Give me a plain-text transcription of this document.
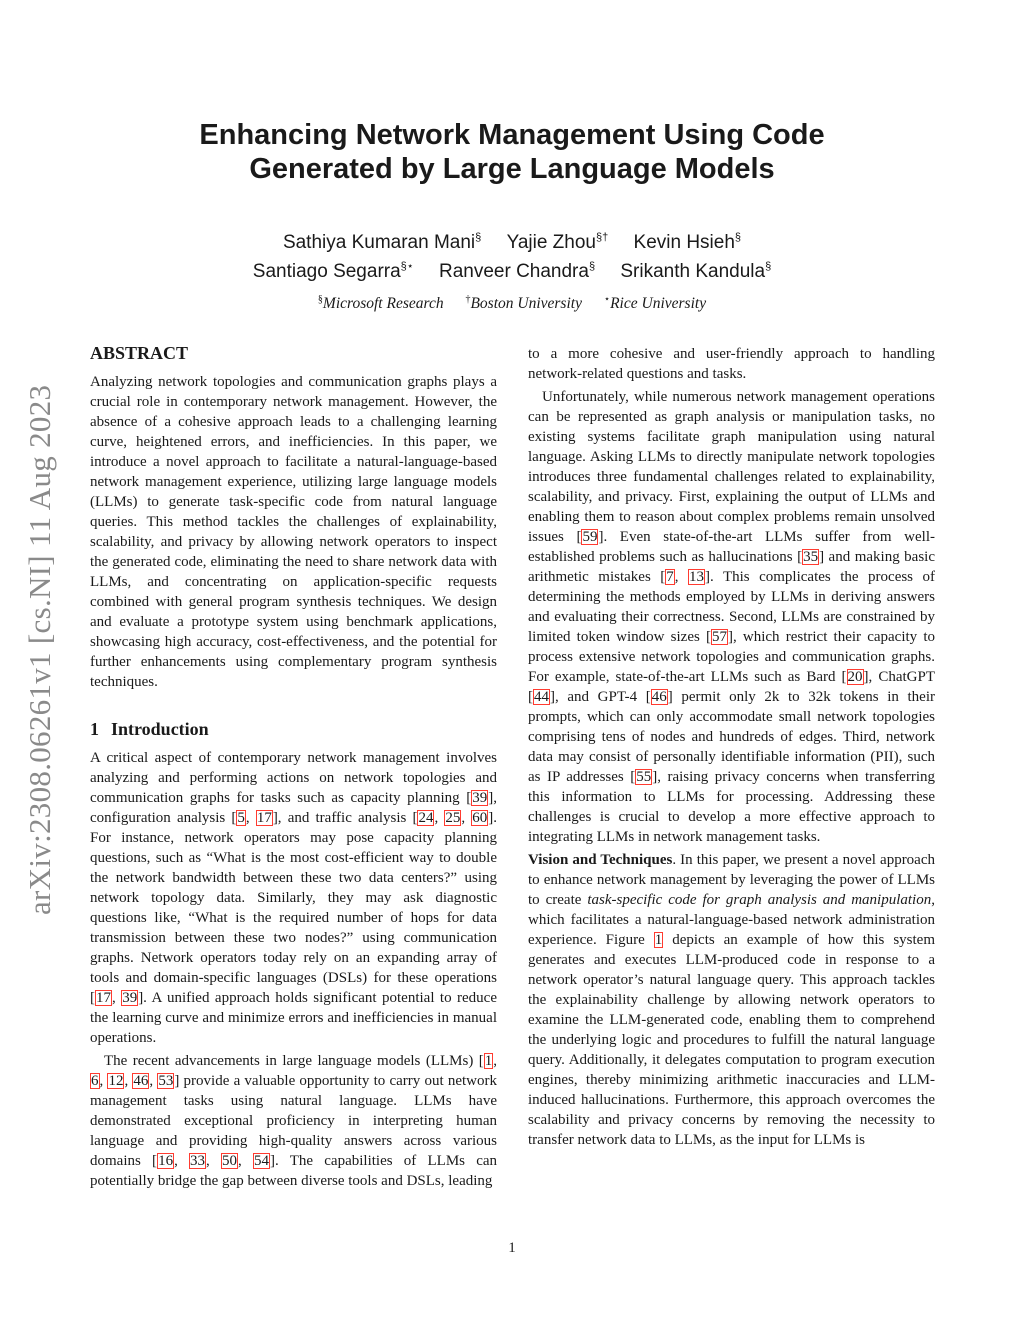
arXiv:2308.06261v1 [cs.NI] 11 Aug 2023
Enhancing Network Management Using Code Generated by Large Language Models
Sathiya Kumaran Mani§ Yajie Zhou§† Kevin Hsieh§
Santiago Segarra§⋆ Ranveer Chandra§ Srikanth Kandula§
§Microsoft Research †Boston University ⋆Rice University
ABSTRACT

Analyzing network topologies and communication graphs plays a crucial role in contemporary network management. However, the absence of a cohesive approach leads to a challenging learning curve, heightened errors, and inefficiencies. In this paper, we introduce a novel approach to facilitate a natural-language-based network management experience, utilizing large language models (LLMs) to generate task-specific code from natural language queries. This method tackles the challenges of explainability, scalability, and privacy by allowing network operators to inspect the generated code, eliminating the need to share network data with LLMs, and concentrating on application-specific requests combined with general program synthesis techniques. We design and evaluate a prototype system using benchmark applications, showcasing high accuracy, cost-effectiveness, and the potential for further enhancements using complementary program synthesis techniques.

1 Introduction

A critical aspect of contemporary network management involves analyzing and performing actions on network topologies and communication graphs for tasks such as capacity planning [39], configuration analysis [5, 17], and traffic analysis [24, 25, 60]. For instance, network operators may pose capacity planning questions, such as “What is the most cost-efficient way to double the network bandwidth between these two data centers?” using network topology data. Similarly, they may ask diagnostic questions like, “What is the required number of hops for data transmission between these two nodes?” using communication graphs. Network operators today rely on an expanding array of tools and domain-specific languages (DSLs) for these operations [17, 39]. A unified approach holds significant potential to reduce the learning curve and minimize errors and inefficiencies in manual operations.

The recent advancements in large language models (LLMs) [1, 6, 12, 46, 53] provide a valuable opportunity to carry out network management tasks using natural language. LLMs have demonstrated exceptional proficiency in interpreting human language and providing high-quality answers across various domains [16, 33, 50, 54]. The capabilities of LLMs can potentially bridge the gap between diverse tools and DSLs, leading

to a more cohesive and user-friendly approach to handling network-related questions and tasks.

Unfortunately, while numerous network management operations can be represented as graph analysis or manipulation tasks, no existing systems facilitate graph manipulation using natural language. Asking LLMs to directly manipulate network topologies introduces three fundamental challenges related to explainability, scalability, and privacy. First, explaining the output of LLMs and enabling them to reason about complex problems remain unsolved issues [59]. Even state-of-the-art LLMs suffer from well-established problems such as hallucinations [35] and making basic arithmetic mistakes [7, 13]. This complicates the process of determining the methods employed by LLMs in deriving answers and evaluating their correctness. Second, LLMs are constrained by limited token window sizes [57], which restrict their capacity to process extensive network topologies and communication graphs. For example, state-of-the-art LLMs such as Bard [20], ChatGPT [44], and GPT-4 [46] permit only 2k to 32k tokens in their prompts, which can only accommodate small network topologies comprising tens of nodes and hundreds of edges. Third, network data may consist of personally identifiable information (PII), such as IP addresses [55], raising privacy concerns when transferring this information to LLMs for processing. Addressing these challenges is crucial to develop a more effective approach to integrating LLMs in network management tasks.

Vision and Techniques. In this paper, we present a novel approach to enhance network management by leveraging the power of LLMs to create task-specific code for graph analysis and manipulation, which facilitates a natural-language-based network administration experience. Figure 1 depicts an example of how this system generates and executes LLM-produced code in response to a network operator’s natural language query. This approach tackles the explainability challenge by allowing network operators to examine the LLM-generated code, enabling them to comprehend the underlying logic and procedures to fulfill the natural language query. Additionally, it delegates computation to program execution engines, thereby minimizing arithmetic inaccuracies and LLM-induced hallucinations. Furthermore, this approach overcomes the scalability and privacy concerns by removing the necessity to transfer network data to LLMs, as the input for LLMs is

1
